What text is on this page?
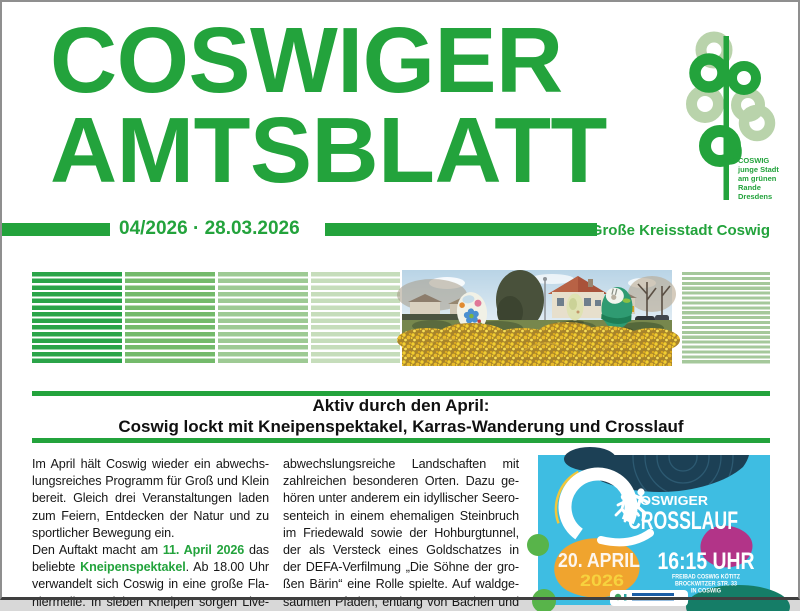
COSWIGER
AMTSBLATT	COSWIG
junge Stadt
am grünen
Rande
Dresdens
04/2026 · 28.03.2026	Große Kreisstadt Coswig
Aktiv durch den April:
Coswig lockt mit Kneipenspektakel, Karras-Wanderung und Crosslauf
Im April hält Coswig wieder ein abwechs-
lungsreiches Programm für Groß und Klein
bereit. Gleich drei Veranstaltungen laden
zum Feiern, Entdecken der Natur und zu
sportlicher Bewegung ein.
Den Auftakt macht am 11. April 2026 das
beliebte Kneipenspektakel. Ab 18.00 Uhr
verwandelt sich Coswig in eine große Fla-
niermeile. In sieben Kneipen sorgen Live-
abwechslungsreiche Landschaften mit
zahlreichen besonderen Orten. Dazu ge-
hören unter anderem ein idyllischer Seero-
senteich in einem ehemaligen Steinbruch
im Friedewald sowie der Hohburgtunnel,
der als Versteck eines Goldschatzes in
der DEFA-Verfilmung „Die Söhne der gro-
ßen Bärin“ eine Rolle spielte. Auf waldge-
säumten Pfaden, entlang von Bächen und
COSWIGER
CROSSLAUF
20. APRIL
2026
16:15 UHR
FREIBAD COSWIG KÖTITZ
BROCKWITZER STR. 33
IN COSWIG
